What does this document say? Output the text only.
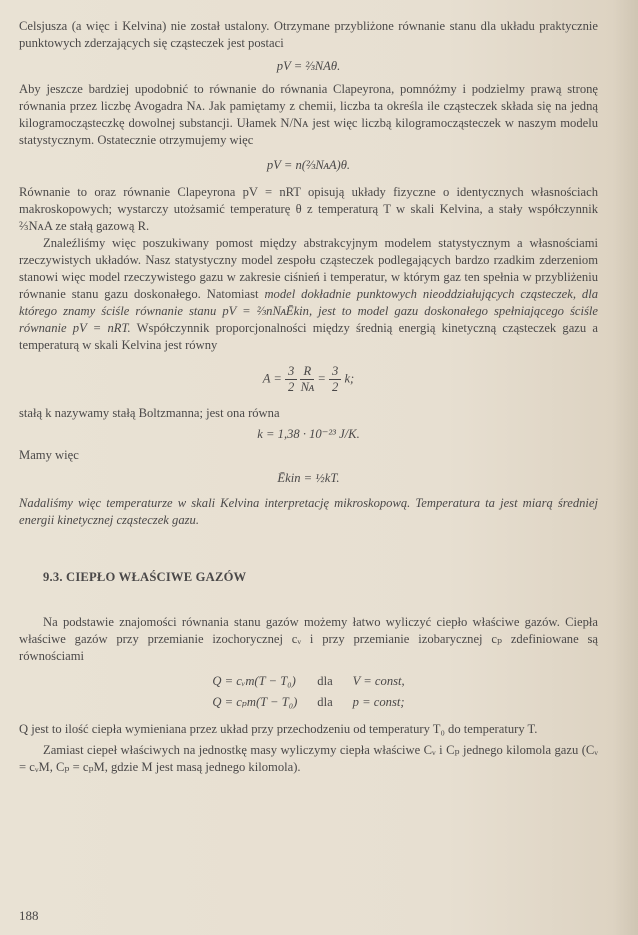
Celsjusza (a więc i Kelvina) nie został ustalony. Otrzymane przybliżone równanie stanu dla układu praktycznie punktowych zderzających się cząsteczek jest postaci

pV = ⅔NAθ.

Aby jeszcze bardziej upodobnić to równanie do równania Clapeyrona, pomnóżmy i podzielmy prawą stronę równania przez liczbę Avogadra Nᴀ. Jak pamiętamy z chemii, liczba ta określa ile cząsteczek składa się na jedną kilogramocząsteczkę dowolnej substancji. Ułamek N/Nᴀ jest więc liczbą kilogramocząsteczek w naszym modelu statystycznym. Ostatecznie otrzymujemy więc

pV = n(⅔NᴀA)θ.

Równanie to oraz równanie Clapeyrona pV = nRT opisują układy fizyczne o identycznych własnościach makroskopowych; wystarczy utożsamić temperaturę θ z temperaturą T w skali Kelvina, a stały współczynnik ⅔NᴀA ze stałą gazową R.

Znaleźliśmy więc poszukiwany pomost między abstrakcyjnym modelem statystycznym a własnościami rzeczywistych układów. Nasz statystyczny model zespołu cząsteczek podlegających bardzo rzadkim zderzeniom stanowi więc model rzeczywistego gazu w zakresie ciśnień i temperatur, w którym gaz ten spełnia w przybliżeniu równanie stanu gazu doskonałego. Natomiast model dokładnie punktowych nieoddziałujących cząsteczek, dla którego znamy ściśle równanie stanu pV = ⅔nNᴀĒkin, jest to model gazu doskonałego spełniającego ściśle równanie pV = nRT. Współczynnik proporcjonalności między średnią energią kinetyczną cząsteczek gazu a temperaturą w skali Kelvina jest równy

$A = \frac{3}{2}$
$\frac{R}{\text{Nᴀ}} = \frac{3}{2} k$;

stałą k nazywamy stałą Boltzmanna; jest ona równa

k = 1,38 · 10⁻²³ J/K.

Mamy więc

Ēkin = ½kT.

Nadaliśmy więc temperaturze w skali Kelvina interpretację mikroskopową. Temperatura ta jest miarą średniej energii kinetycznej cząsteczek gazu.

9.3. CIEPŁO WŁAŚCIWE GAZÓW

Na podstawie znajomości równania stanu gazów możemy łatwo wyliczyć ciepło właściwe gazów. Ciepła właściwe gazów przy przemianie izochorycznej cᵥ i przy przemianie izobarycznej cₚ zdefiniowane są równościami

Q = cᵥm(T − T₀)	dla	V = const,
Q = cₚm(T − T₀)	dla	p = const;

Q jest to ilość ciepła wymieniana przez układ przy przechodzeniu od temperatury T₀ do temperatury T.

Zamiast ciepeł właściwych na jednostkę masy wyliczymy ciepła właściwe Cᵥ i Cₚ jednego kilomola gazu (Cᵥ = cᵥM, Cₚ = cₚM, gdzie M jest masą jednego kilomola).

188
